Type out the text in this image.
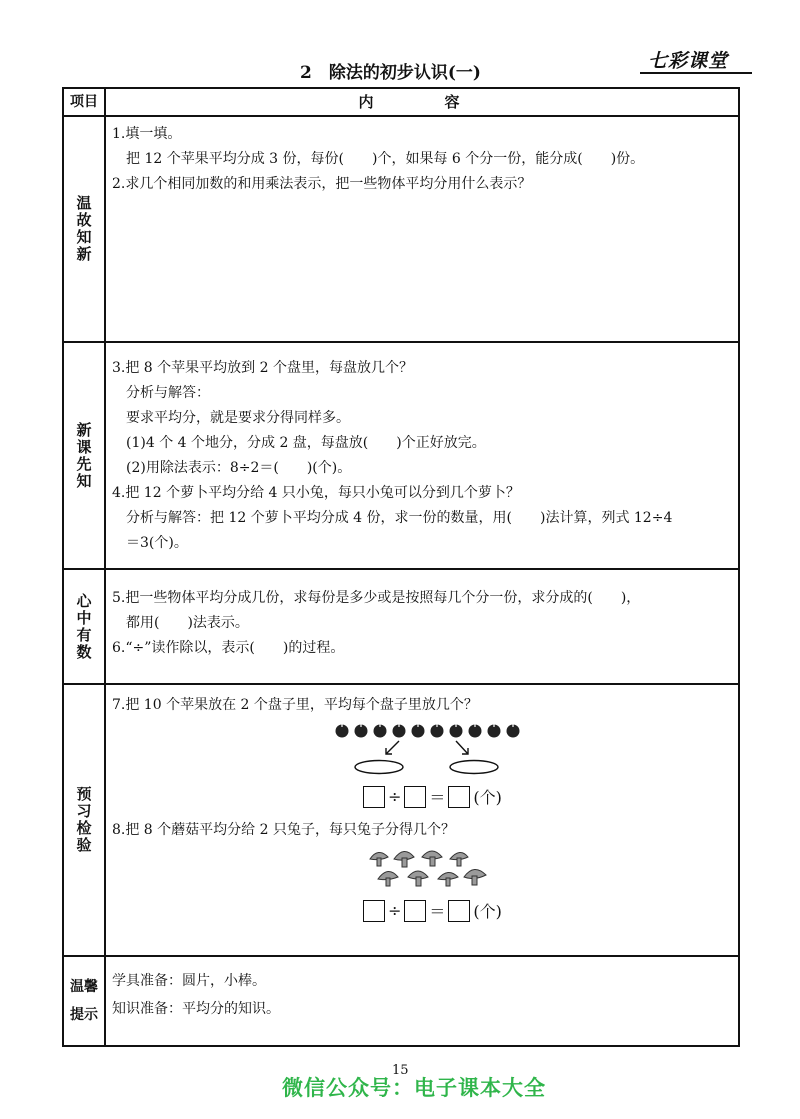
2　除法的初步认识(一)
七彩课堂
项目	内　容
温故知新
1.填一填。
把 12 个苹果平均分成 3 份，每份(　　)个，如果每 6 个分一份，能分成(　　)份。
2.求几个相同加数的和用乘法表示，把一些物体平均分用什么表示？
新课先知
3.把 8 个苹果平均放到 2 个盘里，每盘放几个？
分析与解答：
要求平均分，就是要求分得同样多。
(1)4 个 4 个地分，分成 2 盘，每盘放(　　)个正好放完。
(2)用除法表示：8÷2＝(　　)(个)。
4.把 12 个萝卜平均分给 4 只小兔，每只小兔可以分到几个萝卜？
分析与解答：把 12 个萝卜平均分成 4 份，求一份的数量，用(　　)法计算，列式 12÷4
＝3(个)。
心中有数 5.把一些物体平均分成几份，求每份是多少或是按照每几个分一份，求分成的(　　)，
都用(　　)法表示。
6.“÷”读作除以，表示(　　)的过程。
预习检验
7.把 10 个苹果放在 2 个盘子里，平均每个盘子里放几个？
÷ ＝ (个)
8.把 8 个蘑菇平均分给 2 只兔子，每只兔子分得几个？
÷ ＝ (个)
温馨
提示
学具准备：圆片，小棒。
知识准备：平均分的知识。
15
微信公众号：电子课本大全
